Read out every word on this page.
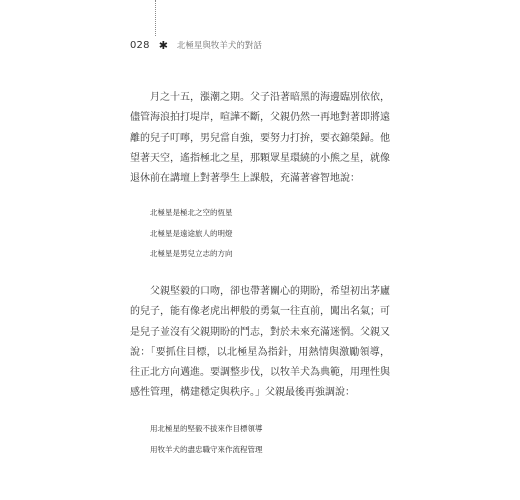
028 ✱ 北極星與牧羊犬的對話

月之十五，漲潮之期。父子沿著暗黑的海邊臨別依依，儘管海浪拍打堤岸，喧譁不斷，父親仍然一再地對著即將遠離的兒子叮嚀，男兒當自強，要努力打拚，要衣錦榮歸。他望著天空，遙指極北之星，那顆眾星環繞的小熊之星，就像退休前在講壇上對著學生上課般，充滿著睿智地說：

北極星是極北之空的恆星
北極星是遠途旅人的明燈
北極星是男兒立志的方向

父親堅毅的口吻，卻也帶著關心的期盼，希望初出茅廬的兒子，能有像老虎出柙般的勇氣一往直前，闖出名氣；可是兒子並沒有父親期盼的鬥志，對於未來充滿迷惘。父親又說：「要抓住目標，以北極星為指針，用熱情與激勵領導，往正北方向邁進。要調整步伐，以牧羊犬為典範，用理性與感性管理，構建穩定與秩序。」父親最後再強調說：

用北極星的堅毅不拔來作目標領導
用牧羊犬的盡忠職守來作流程管理
